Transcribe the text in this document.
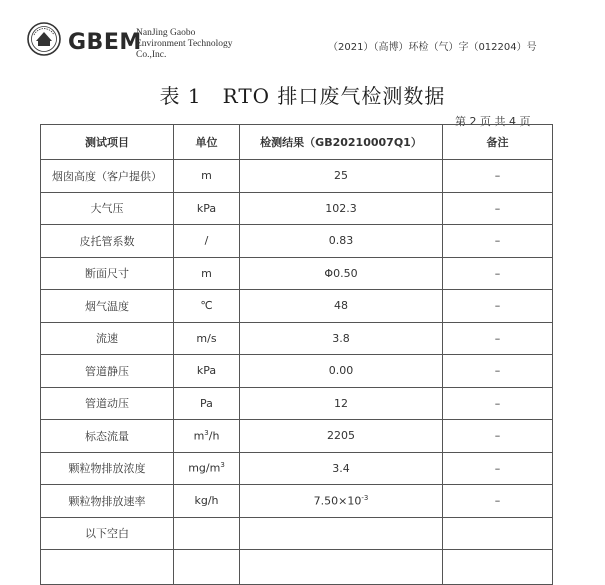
GBEM
NanJing Gaobo
Environment Technology
Co.,Inc.
（2021）（高博）环检（气）字（012204）号
表 1　RTO 排口废气检测数据
第 2 页 共 4 页
测试项目	单位	检测结果（GB20210007Q1）	备注
烟囱高度（客户提供）	m	25	–
大气压	kPa	102.3	–
皮托管系数	/	0.83	–
断面尺寸	m	Φ0.50	–
烟气温度	℃	48	–
流速	m/s	3.8	–
管道静压	kPa	0.00	–
管道动压	Pa	12	–
标态流量	$m^3/h$	2205	–
颗粒物排放浓度	$mg/m^3$	3.4	–
颗粒物排放速率	kg/h	$7.50\times 10^{-3}$	–
以下空白			
